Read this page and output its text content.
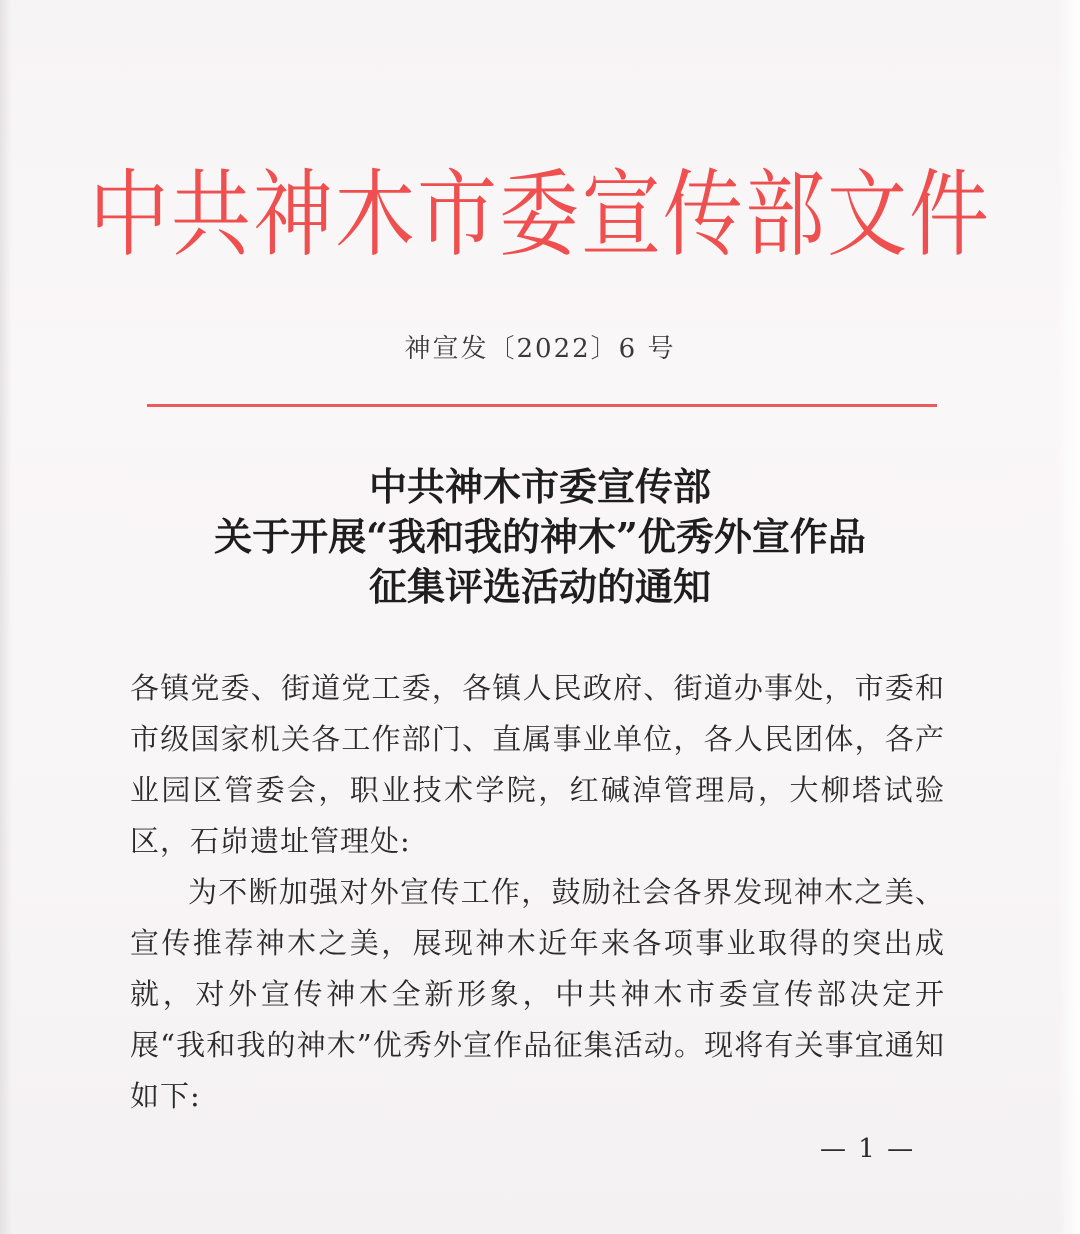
中共神木市委宣传部文件
神宣发〔2022〕6 号
中共神木市委宣传部
关于开展“我和我的神木”优秀外宣作品
征集评选活动的通知

各镇党委、街道党工委，各镇人民政府、街道办事处，市委和市级国家机关各工作部门、直属事业单位，各人民团体，各产业园区管委会，职业技术学院，红碱淖管理局，大柳塔试验区，石峁遗址管理处:

为不断加强对外宣传工作，鼓励社会各界发现神木之美、宣传推荐神木之美，展现神木近年来各项事业取得的突出成就，对外宣传神木全新形象，中共神木市委宣传部决定开展“我和我的神木”优秀外宣作品征集活动。现将有关事宜通知如下:

— 1 —
